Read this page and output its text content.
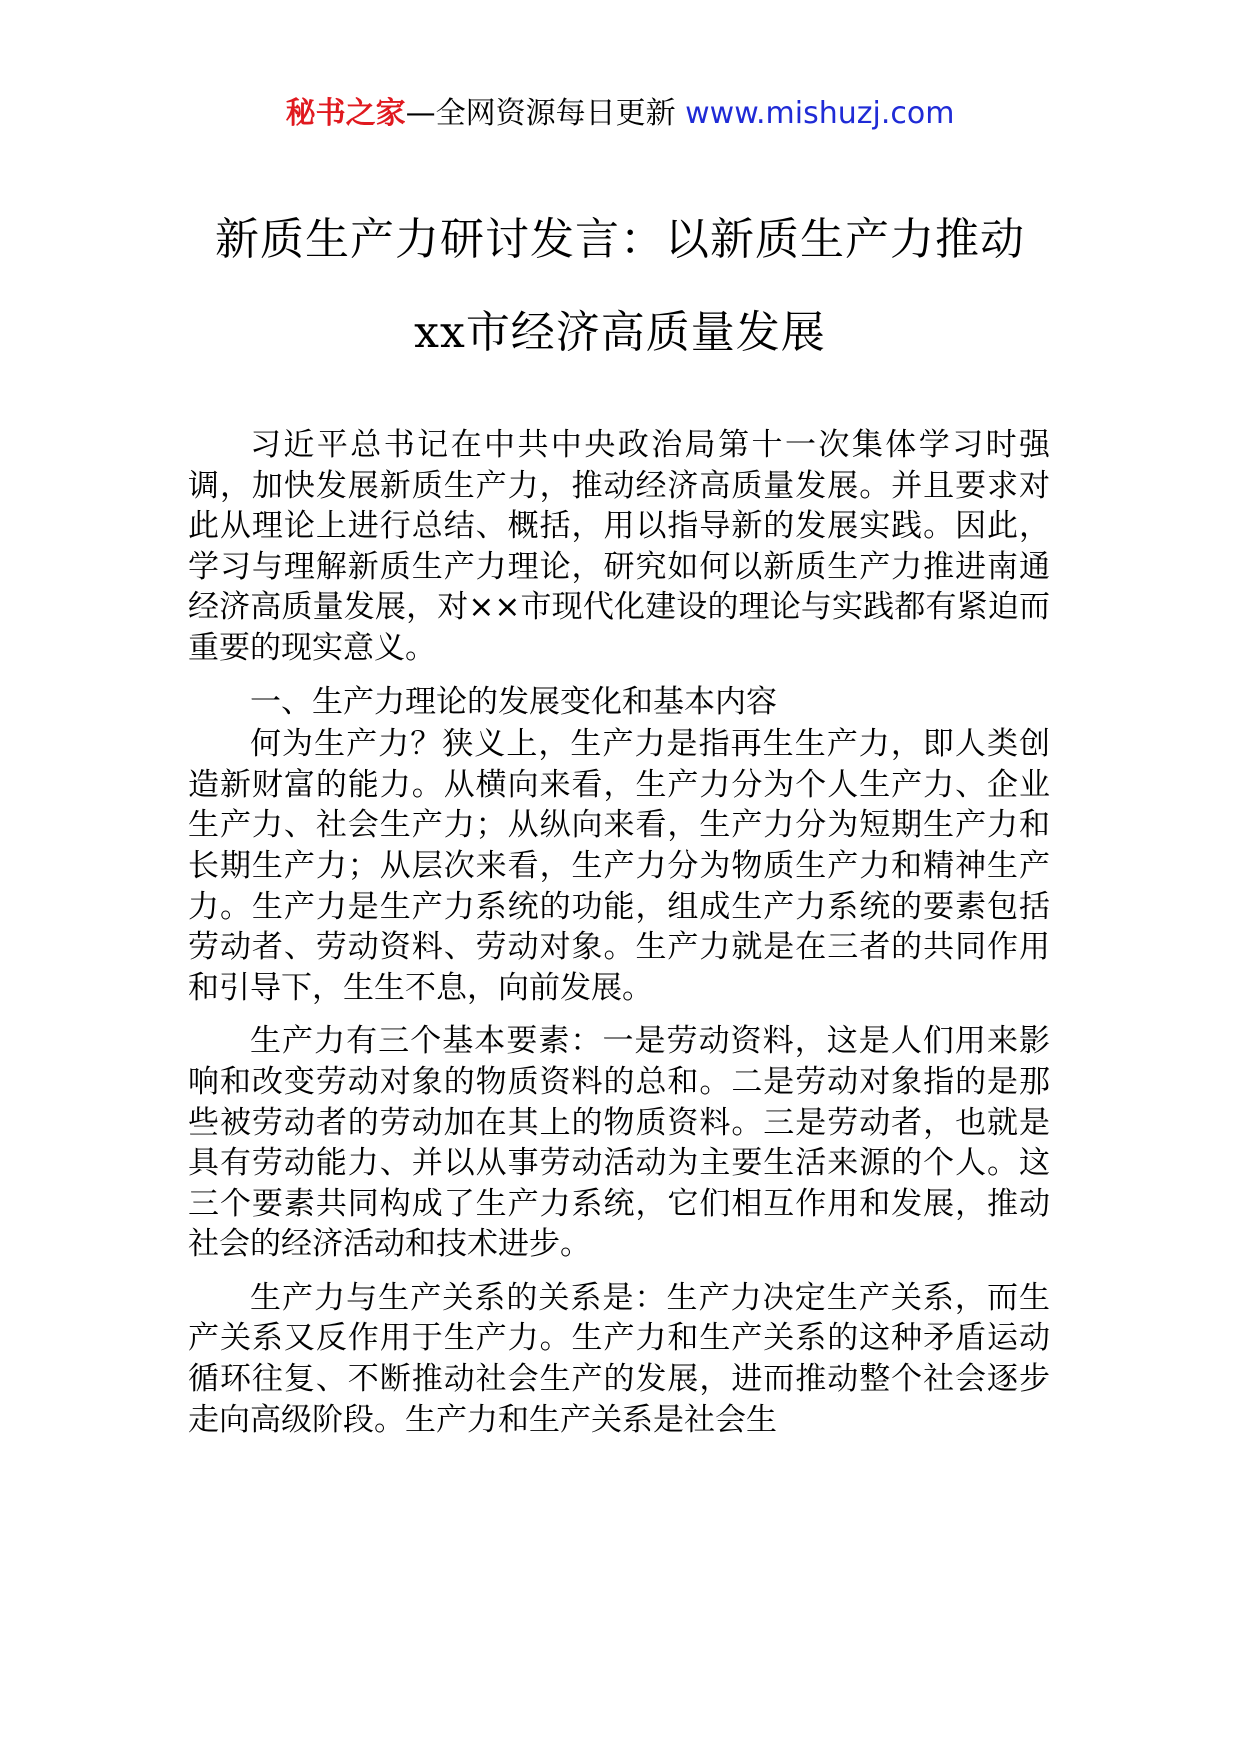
秘书之家—全网资源每日更新 www.mishuzj.com
新质生产力研讨发言：以新质生产力推动
xx市经济高质量发展

习近平总书记在中共中央政治局第十一次集体学习时强调，加快发展新质生产力，推动经济高质量发展。并且要求对此从理论上进行总结、概括，用以指导新的发展实践。因此，学习与理解新质生产力理论，研究如何以新质生产力推进南通经济高质量发展，对××市现代化建设的理论与实践都有紧迫而重要的现实意义。

一、生产力理论的发展变化和基本内容

何为生产力？狭义上，生产力是指再生生产力，即人类创造新财富的能力。从横向来看，生产力分为个人生产力、企业生产力、社会生产力；从纵向来看，生产力分为短期生产力和长期生产力；从层次来看，生产力分为物质生产力和精神生产力。生产力是生产力系统的功能，组成生产力系统的要素包括劳动者、劳动资料、劳动对象。生产力就是在三者的共同作用和引导下，生生不息，向前发展。

生产力有三个基本要素：一是劳动资料，这是人们用来影响和改变劳动对象的物质资料的总和。二是劳动对象指的是那些被劳动者的劳动加在其上的物质资料。三是劳动者，也就是具有劳动能力、并以从事劳动活动为主要生活来源的个人。这三个要素共同构成了生产力系统，它们相互作用和发展，推动社会的经济活动和技术进步。

生产力与生产关系的关系是：生产力决定生产关系，而生产关系又反作用于生产力。生产力和生产关系的这种矛盾运动循环往复、不断推动社会生产的发展，进而推动整个社会逐步走向高级阶段。生产力和生产关系是社会生
